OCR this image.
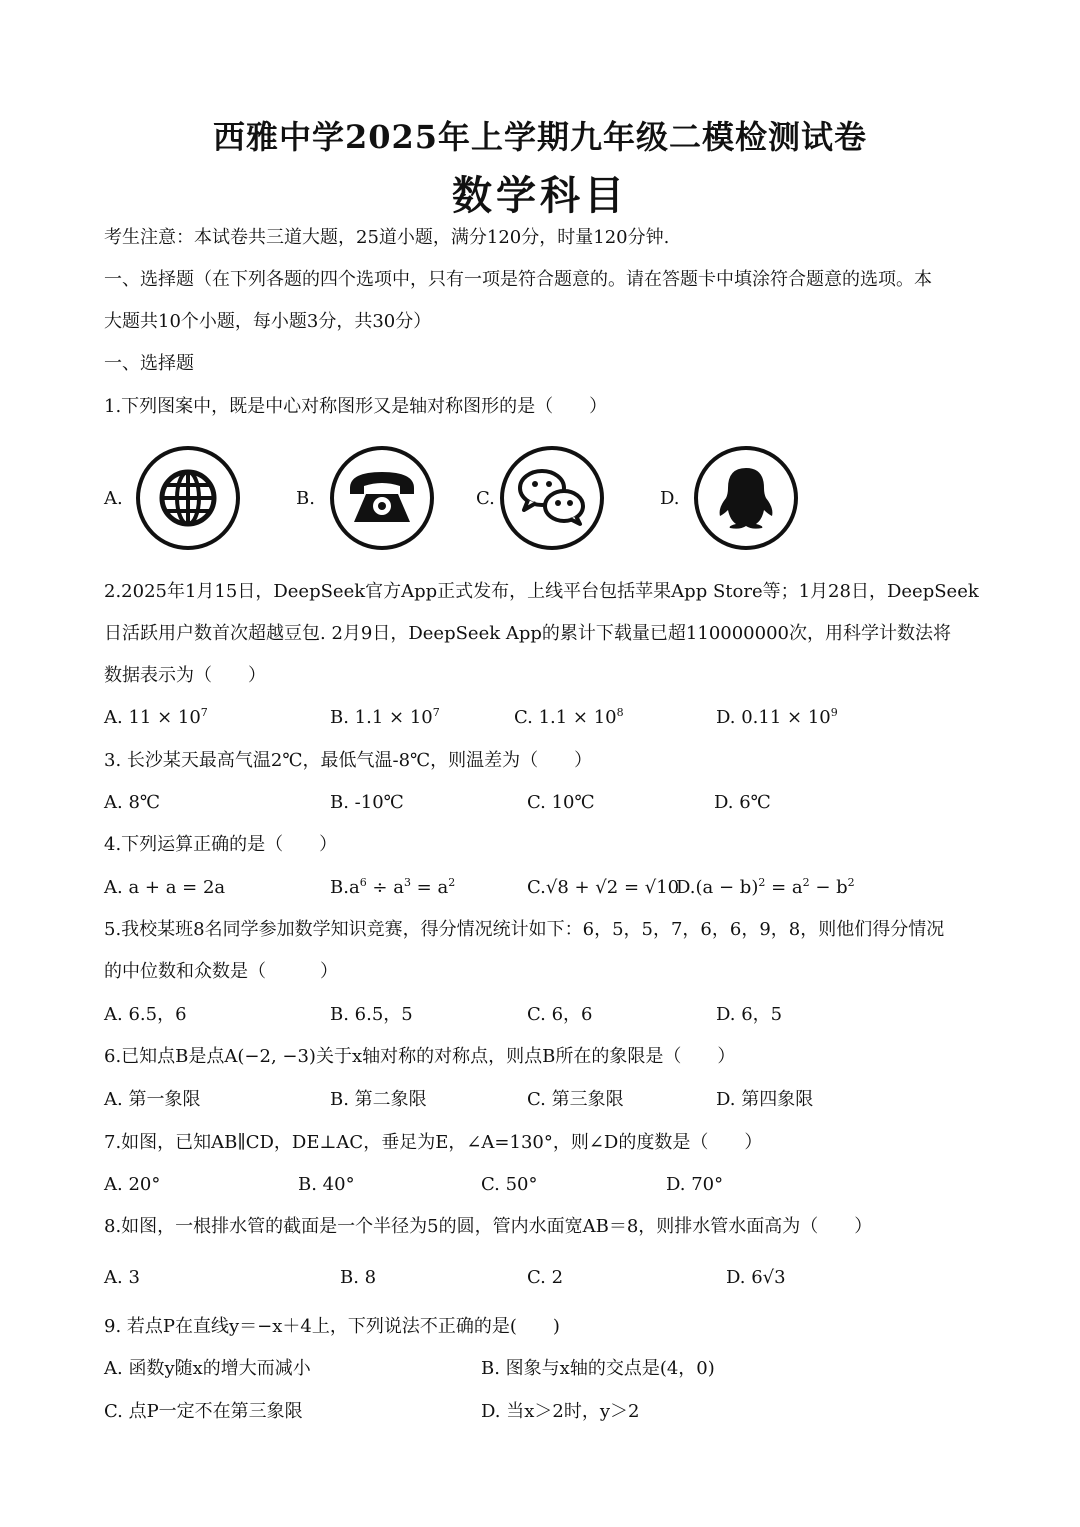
西雅中学2025年上学期九年级二模检测试卷
数学科目
考生注意：本试卷共三道大题，25道小题，满分120分，时量120分钟.
一、选择题（在下列各题的四个选项中，只有一项是符合题意的。请在答题卡中填涂符合题意的选项。本
大题共10个小题，每小题3分，共30分）
一、选择题
1.下列图案中，既是中心对称图形又是轴对称图形的是（　　）
A.	B.	C.	D.
2.2025年1月15日，DeepSeek官方App正式发布，上线平台包括苹果App Store等；1月28日，DeepSeek
日活跃用户数首次超越豆包. 2月9日，DeepSeek App的累计下载量已超110000000次，用科学计数法将
数据表示为（　　）
A. $11 \times 10^7$	B. $1.1 \times 10^7$	C. $1.1 \times 10^8$	D. $0.11 \times 10^9$
3. 长沙某天最高气温2℃，最低气温-8℃，则温差为（　　）
A. 8℃	B. -10℃	C. 10℃	D. 6℃
4.下列运算正确的是（　　）
A. a + a = 2a	$B.a^6 \div a^3 = a^2$	C.√8 + √2 = √10
$D.(a - b)^2 = a^2 - b^2$
5.我校某班8名同学参加数学知识竞赛，得分情况统计如下：6，5，5，7，6，6，9，8，则他们得分情况
的中位数和众数是（　　　）
A. 6.5，6	B. 6.5，5	C. 6，6	D. 6，5
6.已知点B是点A(−2, −3)关于x轴对称的对称点，则点B所在的象限是（　　）
A. 第一象限	B. 第二象限	C. 第三象限	D. 第四象限
7.如图，已知AB∥CD，DE⊥AC，垂足为E，∠A=130°，则∠D的度数是（　　）
A. 20°	B. 40°	C. 50°	D. 70°
8.如图，一根排水管的截面是一个半径为5的圆，管内水面宽AB＝8，则排水管水面高为（　　）
A. 3	B. 8	C. 2	D. 6√3
9. 若点P在直线y＝−x＋4上，下列说法不正确的是(　　)
A. 函数y随x的增大而减小	B. 图象与x轴的交点是(4，0)
C. 点P一定不在第三象限	D. 当x＞2时，y＞2
